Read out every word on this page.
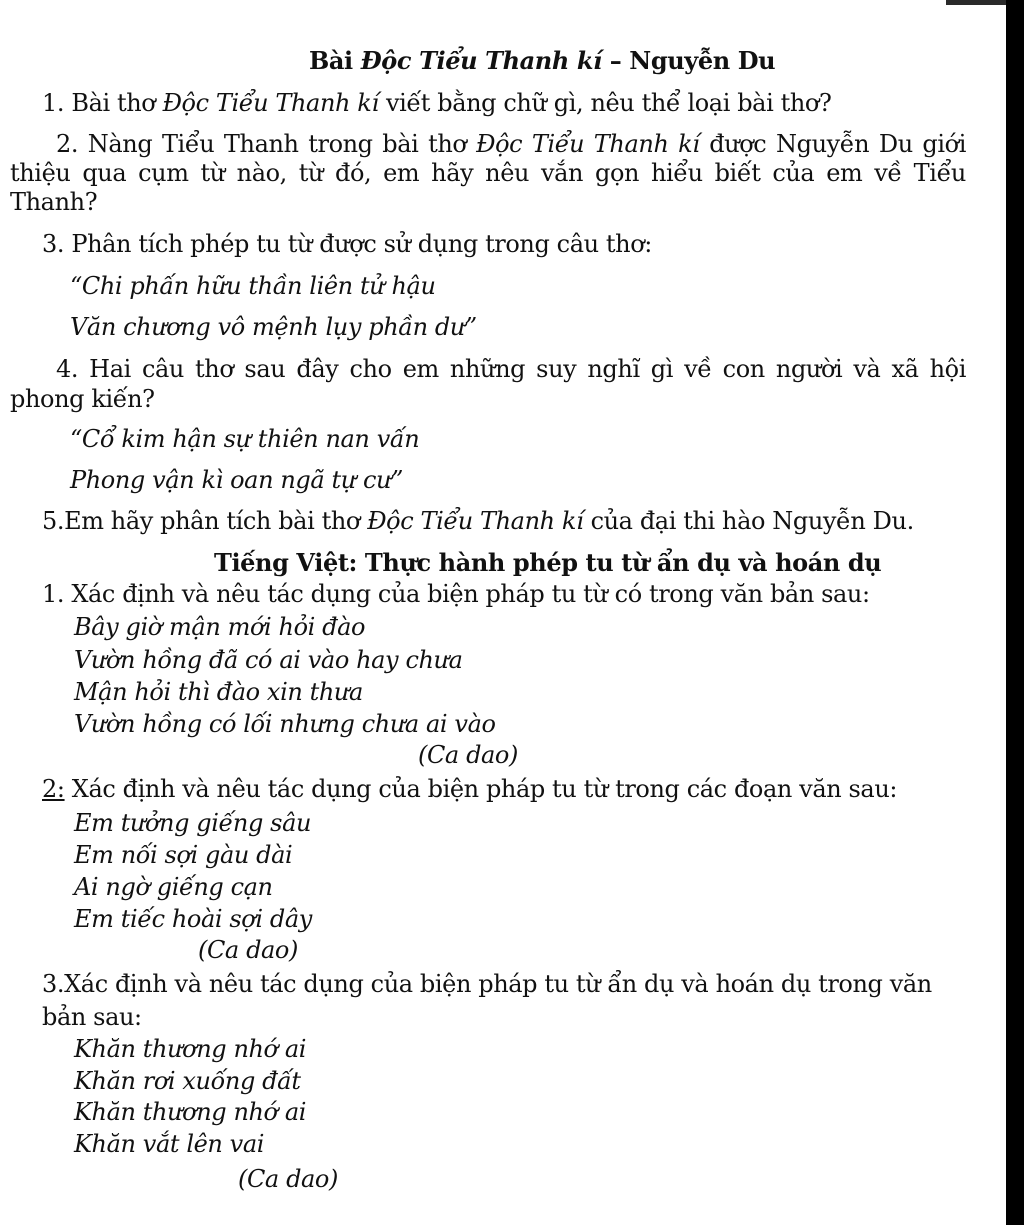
Bài Độc Tiểu Thanh kí – Nguyễn Du
1. Bài thơ Độc Tiểu Thanh kí viết bằng chữ gì, nêu thể loại bài thơ?
2. Nàng Tiểu Thanh trong bài thơ Độc Tiểu Thanh kí được Nguyễn Du giới
thiệu qua cụm từ nào, từ đó, em hãy nêu vắn gọn hiểu biết của em về Tiểu
Thanh?
3. Phân tích phép tu từ được sử dụng trong câu thơ:
“Chi phấn hữu thần liên tử hậu
Văn chương vô mệnh lụy phần dư”
4. Hai câu thơ sau đây cho em những suy nghĩ gì về con người và xã hội
phong kiến?
“Cổ kim hận sự thiên nan vấn
Phong vận kì oan ngã tự cư”
5.Em hãy phân tích bài thơ Độc Tiểu Thanh kí của đại thi hào Nguyễn Du.
Tiếng Việt: Thực hành phép tu từ ẩn dụ và hoán dụ
1. Xác định và nêu tác dụng của biện pháp tu từ có trong văn bản sau:
Bây giờ mận mới hỏi đào
Vườn hồng đã có ai vào hay chưa
Mận hỏi thì đào xin thưa
Vườn hồng có lối nhưng chưa ai vào
(Ca dao)
2: Xác định và nêu tác dụng của biện pháp tu từ trong các đoạn văn sau:
Em tưởng giếng sâu
Em nối sợi gàu dài
Ai ngờ giếng cạn
Em tiếc hoài sợi dây
(Ca dao)
3.Xác định và nêu tác dụng của biện pháp tu từ ẩn dụ và hoán dụ trong văn
bản sau:
Khăn thương nhớ ai
Khăn rơi xuống đất
Khăn thương nhớ ai
Khăn vắt lên vai
(Ca dao)
